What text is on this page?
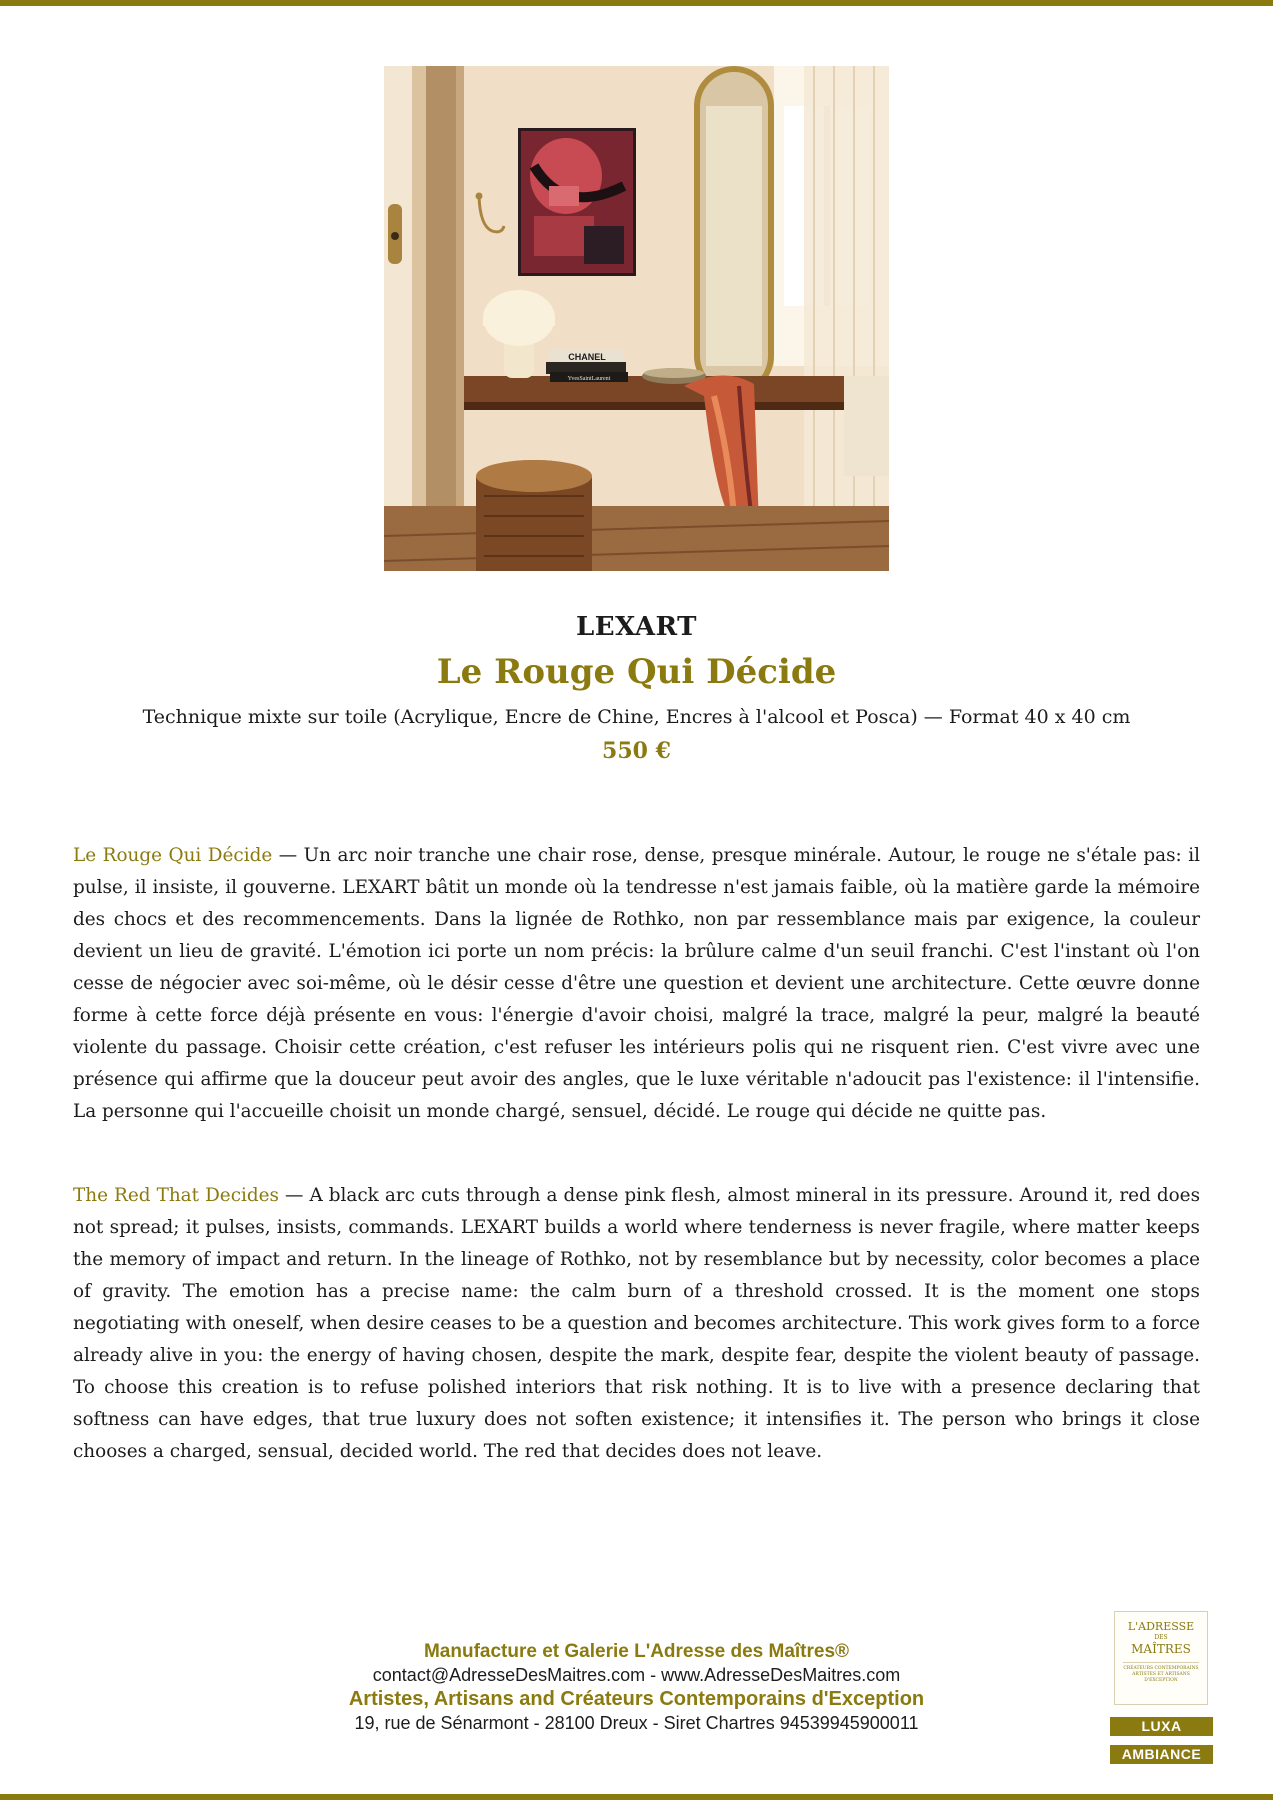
CHANEL
YvesSaintLaurent
LEXART
Le Rouge Qui Décide
Technique mixte sur toile (Acrylique, Encre de Chine, Encres à l'alcool et Posca) — Format 40 x 40 cm
550 €

Le Rouge Qui Décide — Un arc noir tranche une chair rose, dense, presque minérale. Autour, le rouge ne s'étale pas: il pulse, il insiste, il gouverne. LEXART bâtit un monde où la tendresse n'est jamais faible, où la matière garde la mémoire des chocs et des recommencements. Dans la lignée de Rothko, non par ressemblance mais par exigence, la couleur devient un lieu de gravité. L'émotion ici porte un nom précis: la brûlure calme d'un seuil franchi. C'est l'instant où l'on cesse de négocier avec soi-même, où le désir cesse d'être une question et devient une architecture. Cette œuvre donne forme à cette force déjà présente en vous: l'énergie d'avoir choisi, malgré la trace, malgré la peur, malgré la beauté violente du passage. Choisir cette création, c'est refuser les intérieurs polis qui ne risquent rien. C'est vivre avec une présence qui affirme que la douceur peut avoir des angles, que le luxe véritable n'adoucit pas l'existence: il l'intensifie. La personne qui l'accueille choisit un monde chargé, sensuel, décidé. Le rouge qui décide ne quitte pas.

The Red That Decides — A black arc cuts through a dense pink flesh, almost mineral in its pressure. Around it, red does not spread; it pulses, insists, commands. LEXART builds a world where tenderness is never fragile, where matter keeps the memory of impact and return. In the lineage of Rothko, not by resemblance but by necessity, color becomes a place of gravity. The emotion has a precise name: the calm burn of a threshold crossed. It is the moment one stops negotiating with oneself, when desire ceases to be a question and becomes architecture. This work gives form to a force already alive in you: the energy of having chosen, despite the mark, despite fear, despite the violent beauty of passage. To choose this creation is to refuse polished interiors that risk nothing. It is to live with a presence declaring that softness can have edges, that true luxury does not soften existence; it intensifies it. The person who brings it close chooses a charged, sensual, decided world. The red that decides does not leave.

Manufacture et Galerie L'Adresse des Maîtres®
contact@AdresseDesMaitres.com - www.AdresseDesMaitres.com
Artistes, Artisans and Créateurs Contemporains d'Exception
19, rue de Sénarmont - 28100 Dreux - Siret Chartres 94539945900011
L'ADRESSE
DES
MAÎTRES
CRÉATEURS CONTEMPORAINS ARTISTES ET ARTISANS D'EXCEPTION
LUXA
AMBIANCE
